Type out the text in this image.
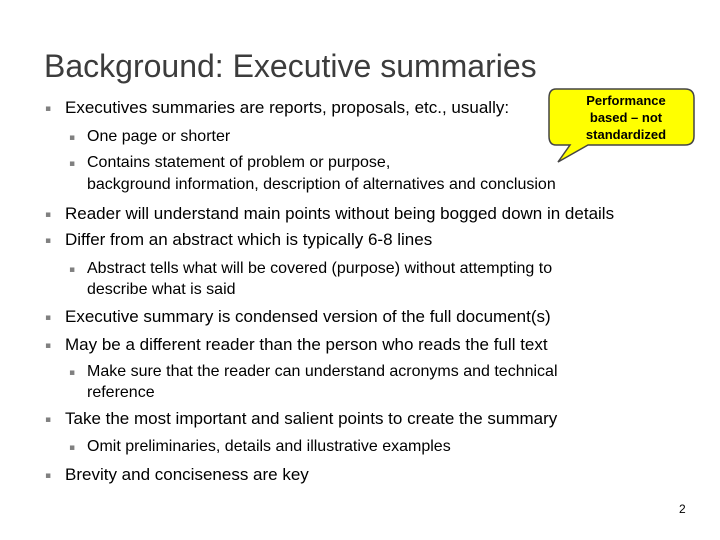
Background: Executive summaries
▪ Executives summaries are reports, proposals, etc., usually:
▪ One page or shorter
▪ Contains statement of problem or purpose,
background information, description of alternatives and conclusion
▪ Reader will understand main points without being bogged down in details
▪ Differ from an abstract which is typically 6-8 lines
▪ Abstract tells what will be covered (purpose) without attempting to
describe what is said
▪ Executive summary is condensed version of the full document(s)
▪ May be a different reader than the person who reads the full text
▪ Make sure that the reader can understand acronyms and technical
reference
▪ Take the most important and salient points to create the summary
▪ Omit preliminaries, details and illustrative examples
▪ Brevity and conciseness are key
Performance
based – not
standardized
2
